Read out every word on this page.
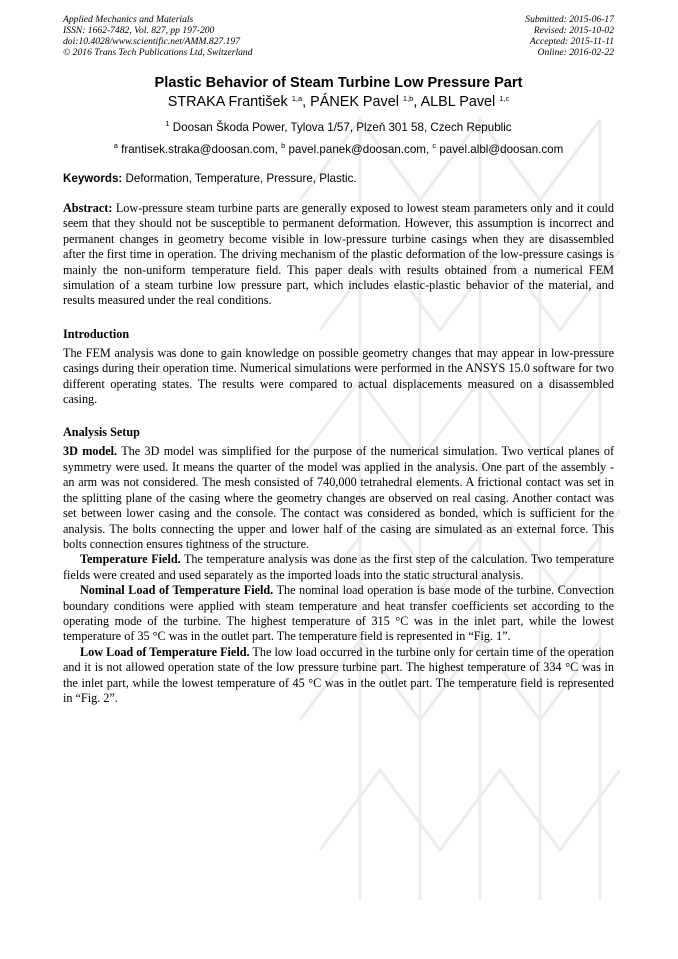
Applied Mechanics and Materials
ISSN: 1662-7482, Vol. 827, pp 197-200
doi:10.4028/www.scientific.net/AMM.827.197
© 2016 Trans Tech Publications Ltd, Switzerland
Submitted: 2015-06-17
Revised: 2015-10-02
Accepted: 2015-11-11
Online: 2016-02-22
Plastic Behavior of Steam Turbine Low Pressure Part
STRAKA František $^{1,a}$, PÁNEK Pavel $^{1,b}$, ALBL Pavel $^{1,c}$
$^1$ Doosan Škoda Power, Tylova 1/57, Plzeň 301 58, Czech Republic
$^a$ frantisek.straka@doosan.com, $^b$ pavel.panek@doosan.com, $^c$ pavel.albl@doosan.com
Keywords: Deformation, Temperature, Pressure, Plastic.

Abstract: Low-pressure steam turbine parts are generally exposed to lowest steam parameters only and it could seem that they should not be susceptible to permanent deformation. However, this assumption is incorrect and permanent changes in geometry become visible in low-pressure turbine casings when they are disassembled after the first time in operation. The driving mechanism of the plastic deformation of the low-pressure casings is mainly the non-uniform temperature field. This paper deals with results obtained from a numerical FEM simulation of a steam turbine low pressure part, which includes elastic-plastic behavior of the material, and results measured under the real conditions.

Introduction

The FEM analysis was done to gain knowledge on possible geometry changes that may appear in low-pressure casings during their operation time. Numerical simulations were performed in the ANSYS 15.0 software for two different operating states. The results were compared to actual displacements measured on a disassembled casing.

Analysis Setup

3D model. The 3D model was simplified for the purpose of the numerical simulation. Two vertical planes of symmetry were used. It means the quarter of the model was applied in the analysis. One part of the assembly - an arm was not considered. The mesh consisted of 740,000 tetrahedral elements. A frictional contact was set in the splitting plane of the casing where the geometry changes are observed on real casing. Another contact was set between lower casing and the console. The contact was considered as bonded, which is sufficient for the analysis. The bolts connecting the upper and lower half of the casing are simulated as an external force. This bolts connection ensures tightness of the structure.

Temperature Field. The temperature analysis was done as the first step of the calculation. Two temperature fields were created and used separately as the imported loads into the static structural analysis.

Nominal Load of Temperature Field. The nominal load operation is base mode of the turbine. Convection boundary conditions were applied with steam temperature and heat transfer coefficients set according to the operating mode of the turbine. The highest temperature of 315 °C was in the inlet part, while the lowest temperature of 35 °C was in the outlet part. The temperature field is represented in “Fig. 1”.

Low Load of Temperature Field. The low load occurred in the turbine only for certain time of the operation and it is not allowed operation state of the low pressure turbine part. The highest temperature of 334 °C was in the inlet part, while the lowest temperature of 45 °C was in the outlet part. The temperature field is represented in “Fig. 2”.
